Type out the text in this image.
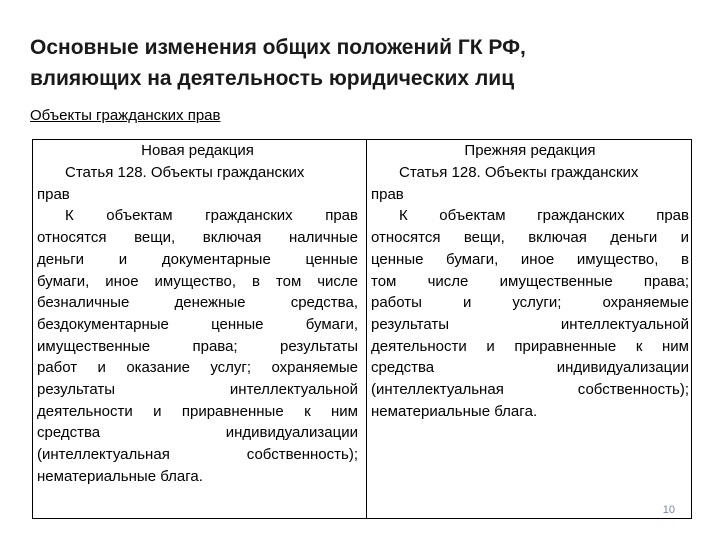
Основные изменения общих положений ГК РФ,
влияющих на деятельность юридических лиц
Объекты гражданских прав
Новая редакция
Статья 128. Объекты гражданских
прав
К объектам гражданских прав
относятся вещи, включая наличные
деньги и документарные ценные
бумаги, иное имущество, в том числе
безналичные денежные средства,
бездокументарные ценные бумаги,
имущественные права; результаты
работ и оказание услуг; охраняемые
результаты интеллектуальной
деятельности и приравненные к ним
средства индивидуализации
(интеллектуальная собственность);
нематериальные блага.
Прежняя редакция
Статья 128. Объекты гражданских
прав
К объектам гражданских прав
относятся вещи, включая деньги и
ценные бумаги, иное имущество, в
том числе имущественные права;
работы и услуги; охраняемые
результаты интеллектуальной
деятельности и приравненные к ним
средства индивидуализации
(интеллектуальная собственность);
нематериальные благa.
10
